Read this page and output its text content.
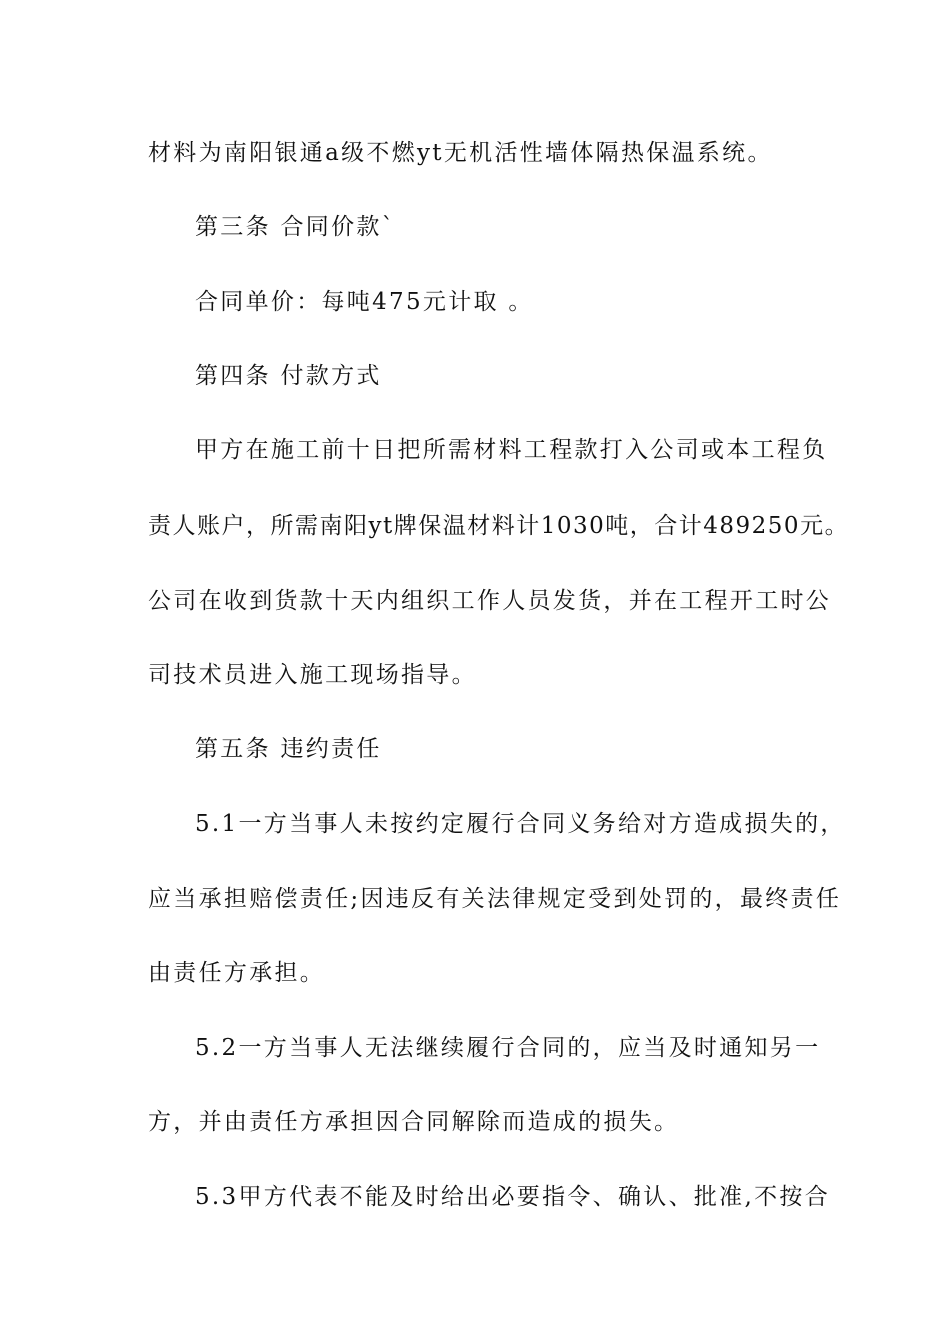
材料为南阳银通a级不燃yt无机活性墙体隔热保温系统。
第三条 合同价款`
合同单价：每吨475元计取 。
第四条 付款方式
甲方在施工前十日把所需材料工程款打入公司或本工程负
责人账户，所需南阳yt牌保温材料计1030吨，合计489250元。
公司在收到货款十天内组织工作人员发货，并在工程开工时公
司技术员进入施工现场指导。
第五条 违约责任
5.1一方当事人未按约定履行合同义务给对方造成损失的，
应当承担赔偿责任;因违反有关法律规定受到处罚的，最终责任
由责任方承担。
5.2一方当事人无法继续履行合同的，应当及时通知另一
方，并由责任方承担因合同解除而造成的损失。
5.3甲方代表不能及时给出必要指令、确认、批准,不按合
